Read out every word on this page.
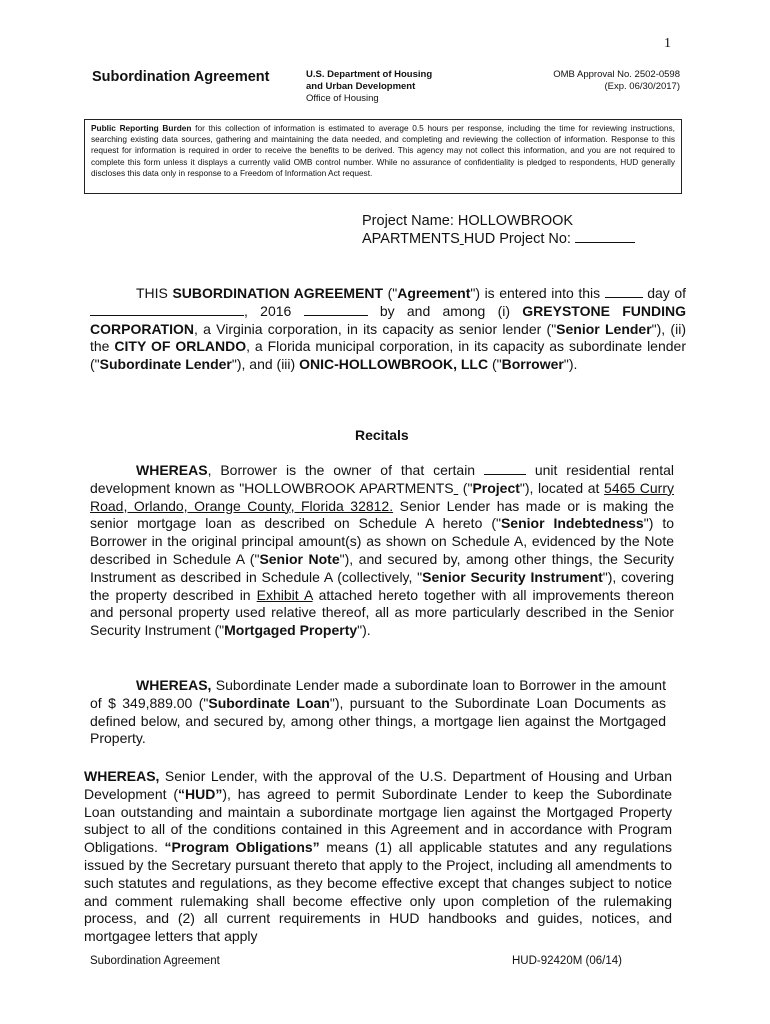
1
Subordination Agreement	U.S. Department of Housing
and Urban Development
Office of Housing
OMB Approval No. 2502-0598
(Exp. 06/30/2017)
Public Reporting Burden for this collection of information is estimated to average 0.5 hours per response, including the time for reviewing instructions, searching existing data sources, gathering and maintaining the data needed, and completing and reviewing the collection of information. Response to this request for information is required in order to receive the benefits to be derived. This agency may not collect this information, and you are not required to complete this form unless it displays a currently valid OMB control number. While no assurance of confidentiality is pledged to respondents, HUD generally discloses this data only in response to a Freedom of Information Act request.
Project Name: HOLLOWBROOK
APARTMENTS HUD Project No:
THIS SUBORDINATION AGREEMENT ("Agreement") is entered into this	day of , 2016	by and among (i) GREYSTONE FUNDING CORPORATION, a Virginia corporation, in its capacity as senior lender ("Senior Lender"), (ii) the CITY OF ORLANDO, a Florida municipal corporation, in its capacity as subordinate lender ("Subordinate Lender"), and (iii) ONIC-HOLLOWBROOK, LLC ("Borrower").
Recitals
WHEREAS, Borrower is the owner of that certain	unit residential rental development known as "HOLLOWBROOK APARTMENTS  ("Project"), located at 5465 Curry Road, Orlando, Orange County, Florida 32812. Senior Lender has made or is making the senior mortgage loan as described on Schedule A hereto ("Senior Indebtedness") to Borrower in the original principal amount(s) as shown on Schedule A, evidenced by the Note described in Schedule A ("Senior Note"), and secured by, among other things, the Security Instrument as described in Schedule A (collectively, "Senior Security Instrument"), covering the property described in Exhibit A attached hereto together with all improvements thereon and personal property used relative thereof, all as more particularly described in the Senior Security Instrument ("Mortgaged Property").
WHEREAS, Subordinate Lender made a subordinate loan to Borrower in the amount of $ 349,889.00 ("Subordinate Loan"), pursuant to the Subordinate Loan Documents as defined below, and secured by, among other things, a mortgage lien against the Mortgaged Property.
WHEREAS, Senior Lender, with the approval of the U.S. Department of Housing and Urban Development (“HUD”), has agreed to permit Subordinate Lender to keep the Subordinate Loan outstanding and maintain a subordinate mortgage lien against the Mortgaged Property subject to all of the conditions contained in this Agreement and in accordance with Program Obligations. “Program Obligations” means (1) all applicable statutes and any regulations issued by the Secretary pursuant thereto that apply to the Project, including all amendments to such statutes and regulations, as they become effective except that changes subject to notice and comment rulemaking shall become effective only upon completion of the rulemaking process, and (2) all current requirements in HUD handbooks and guides, notices, and mortgagee letters that apply
Subordination Agreement	HUD-92420M (06/14)
